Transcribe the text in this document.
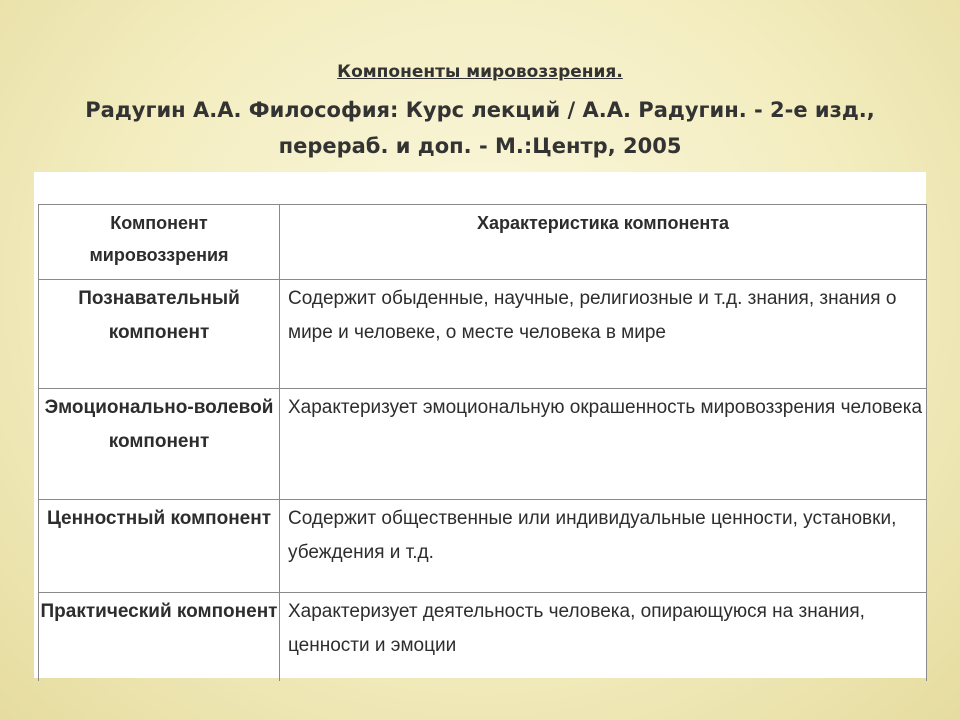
Компоненты мировоззрения.
Радугин А.А. Философия: Курс лекций / А.А. Радугин. - 2-е изд.,
перераб. и доп. - М.:Центр, 2005
Компонент мировоззрения	Характеристика компонента
Познавательный компонент	Содержит обыденные, научные, религиозные и т.д. знания, знания о мире и человеке, о месте человека в мире
Эмоционально-волевой компонент	Характеризует эмоциональную окрашенность мировоззрения человека
Ценностный компонент	Содержит общественные или индивидуальные ценности, установки, убеждения и т.д.
Практический компонент	Характеризует деятельность человека, опирающуюся на знания, ценности и эмоции
